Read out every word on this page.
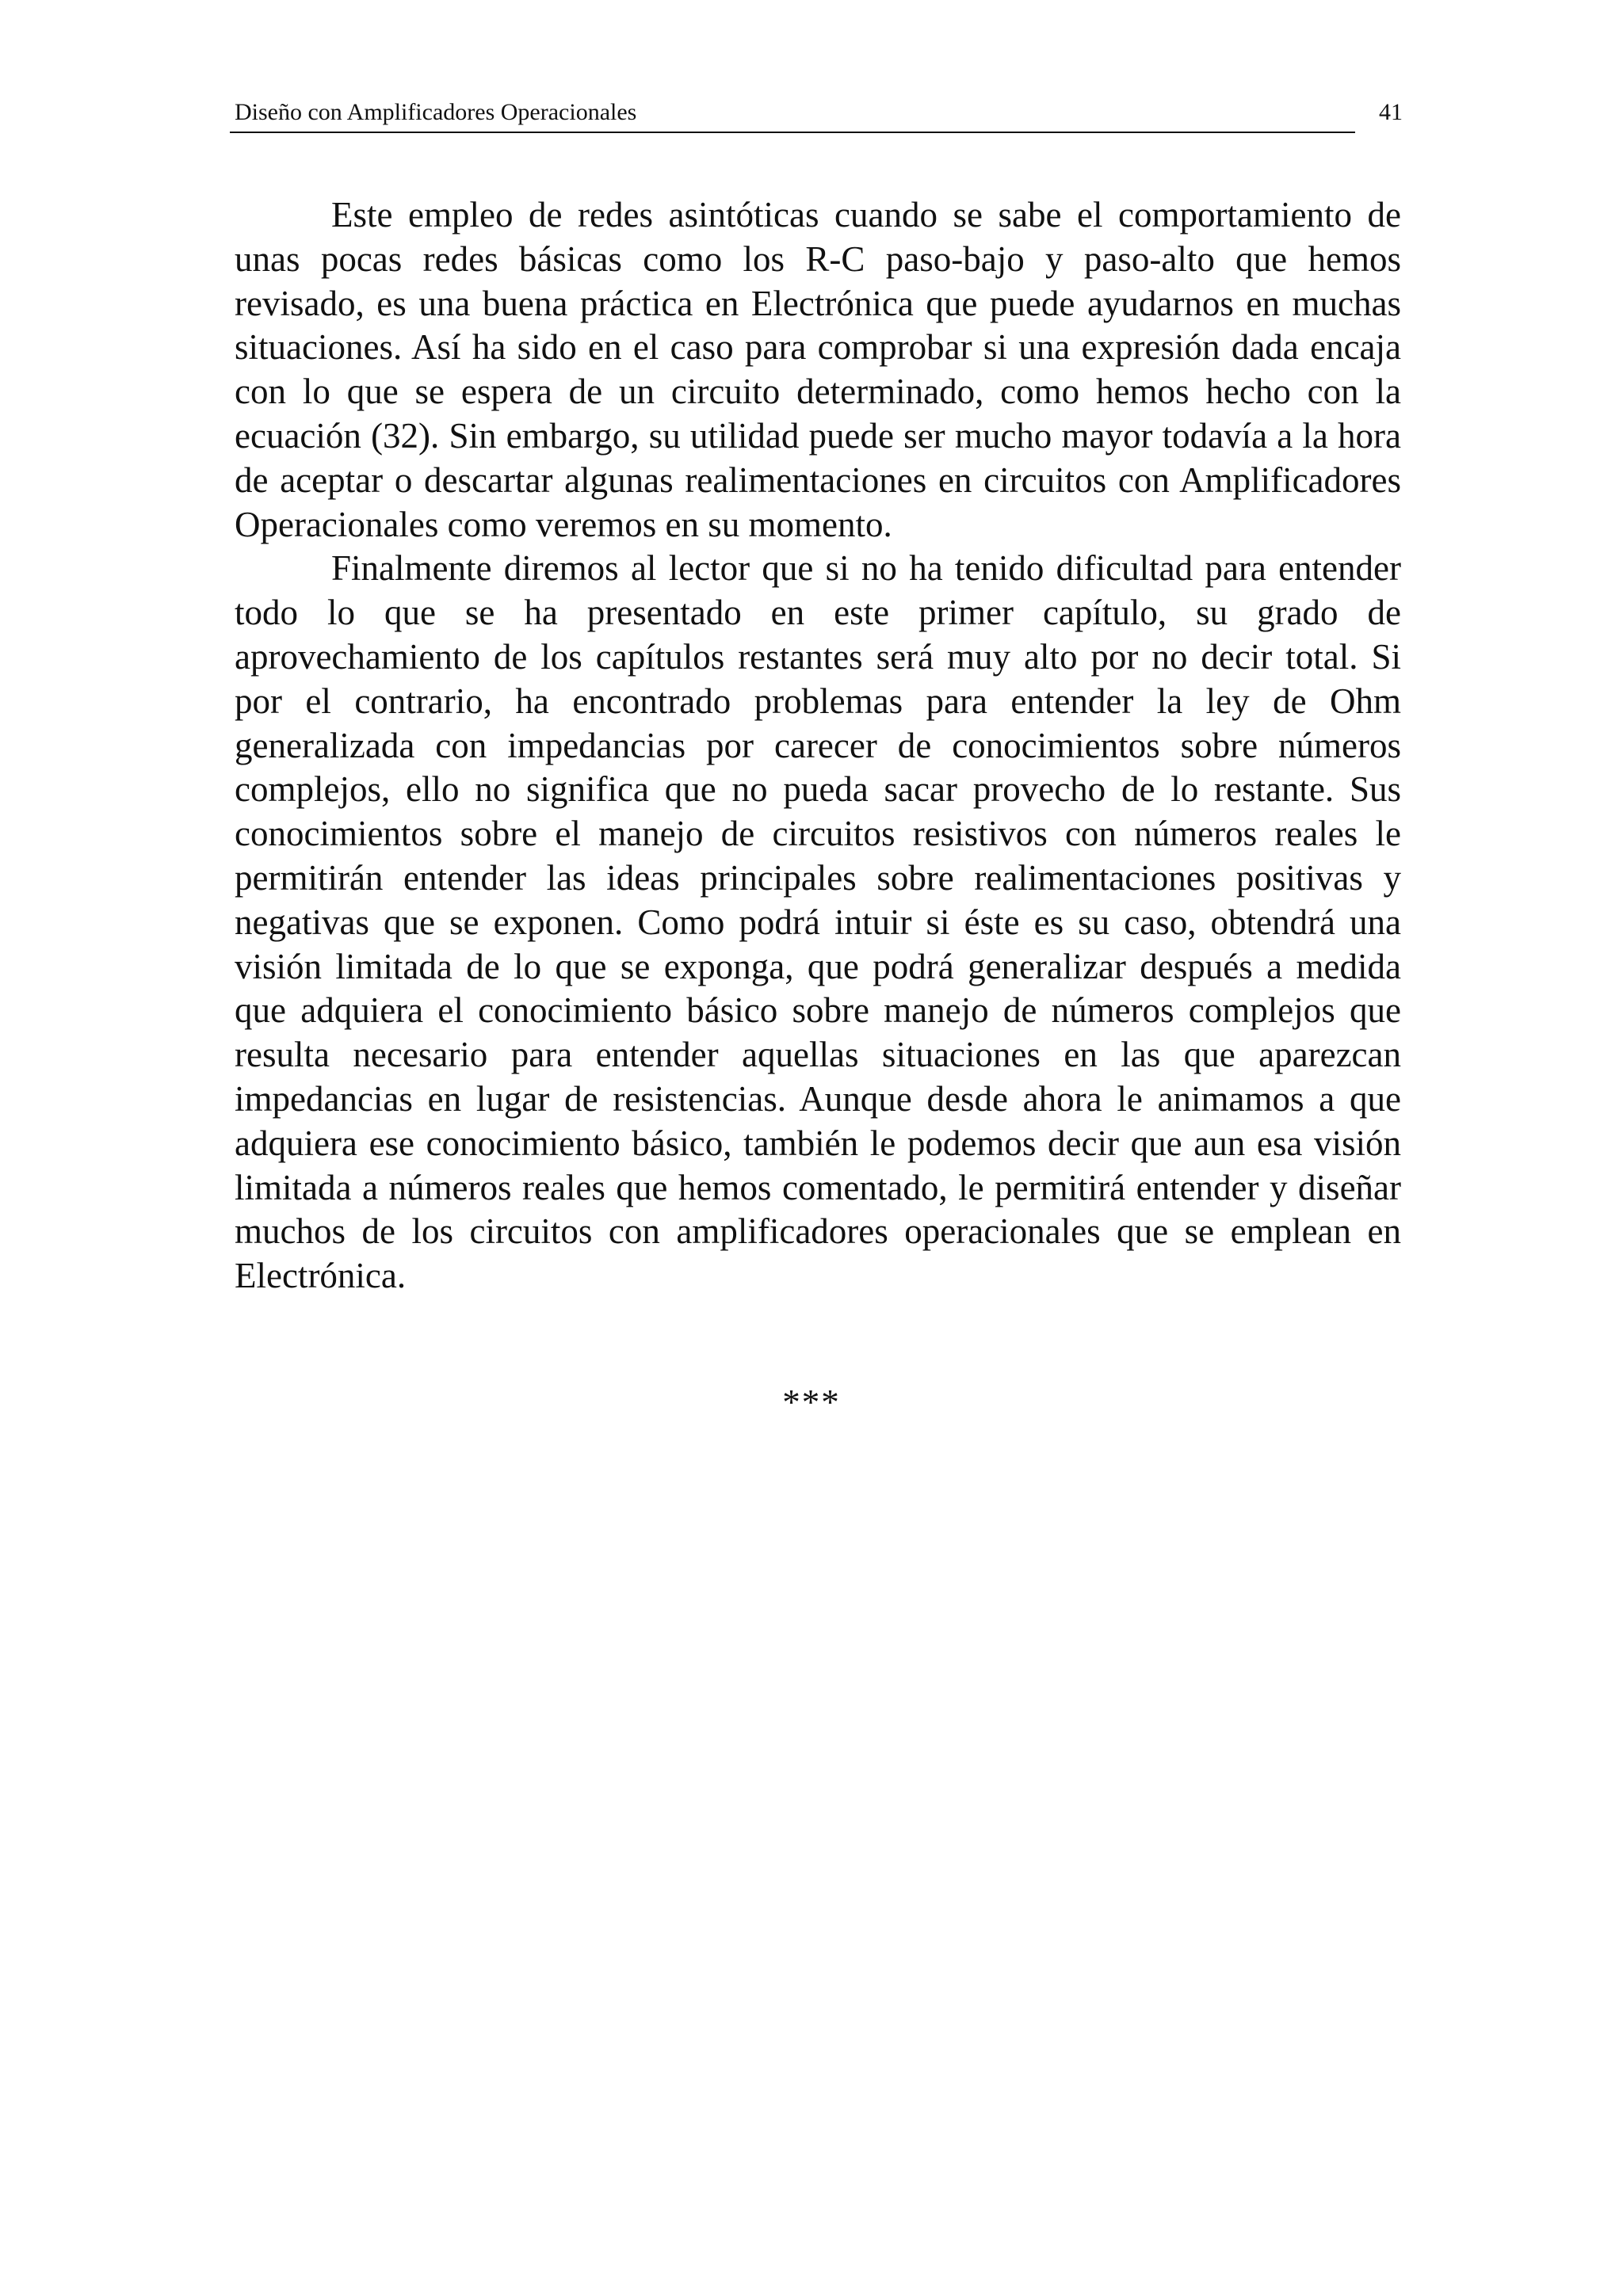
Diseño con Amplificadores Operacionales	41

Este empleo de redes asintóticas cuando se sabe el comportamiento de unas pocas redes básicas como los R-C paso-bajo y paso-alto que hemos revisado, es una buena práctica en Electrónica que puede ayudarnos en muchas situaciones. Así ha sido en el caso para comprobar si una expresión dada encaja con lo que se espera de un circuito determinado, como hemos hecho con la ecuación (32). Sin embargo, su utilidad puede ser mucho mayor todavía a la hora de aceptar o descartar algunas realimentaciones en circuitos con Amplificadores Operacionales como veremos en su momento.

Finalmente diremos al lector que si no ha tenido dificultad para entender todo lo que se ha presentado en este primer capítulo, su grado de aprovechamiento de los capítulos restantes será muy alto por no decir total. Si por el contrario, ha encontrado problemas para entender la ley de Ohm generalizada con impedancias por carecer de conocimientos sobre números complejos, ello no significa que no pueda sacar provecho de lo restante. Sus conocimientos sobre el manejo de circuitos resistivos con números reales le permitirán entender las ideas principales sobre realimentaciones positivas y negativas que se exponen. Como podrá intuir si éste es su caso, obtendrá una visión limitada de lo que se exponga, que podrá generalizar después a medida que adquiera el conocimiento básico sobre manejo de números complejos que resulta necesario para entender aquellas situaciones en las que aparezcan impedancias en lugar de resistencias. Aunque desde ahora le animamos a que adquiera ese conocimiento básico, también le podemos decir que aun esa visión limitada a números reales que hemos comentado, le permitirá entender y diseñar muchos de los circuitos con amplificadores operacionales que se emplean en Electrónica.

***
